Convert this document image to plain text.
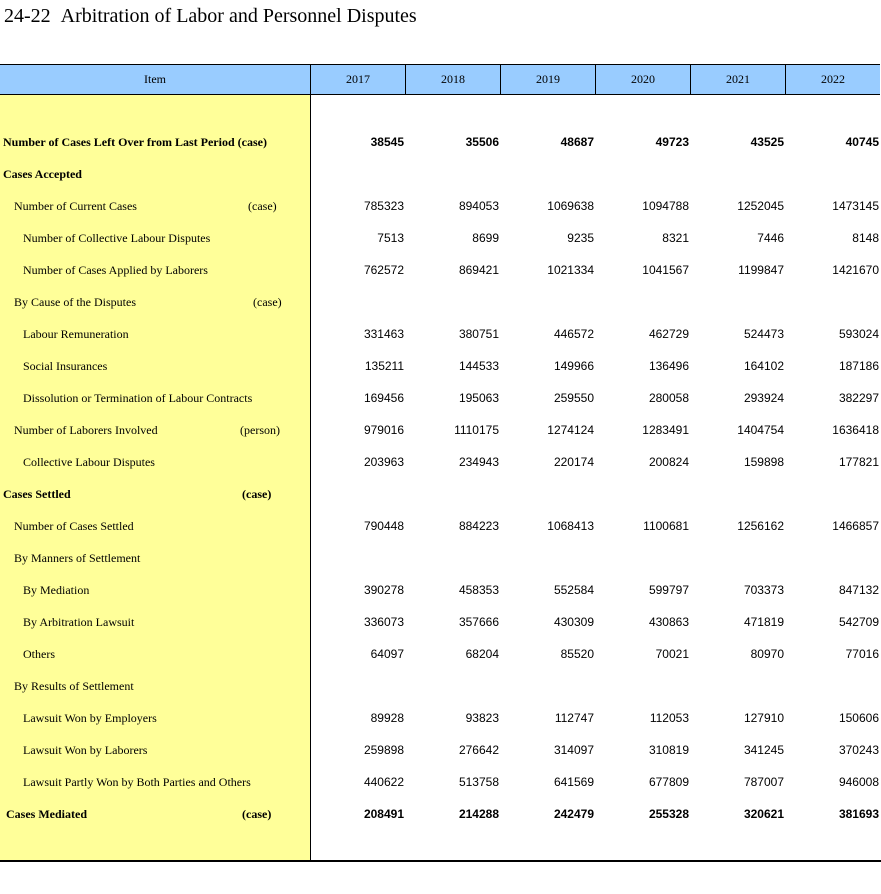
24-22 Arbitration of Labor and Personnel Disputes
Item	2017	2018	2019	2020	2021	2022
Number of Cases Left Over from Last Period (case)	38545	35506	48687	49723	43525	40745
Cases Accepted
Number of Current Cases	(case)	785323	894053	1069638	1094788	1252045	1473145
Number of Collective Labour Disputes	7513	8699	9235	8321	7446	8148
Number of Cases Applied by Laborers	762572	869421	1021334	1041567	1199847	1421670
By Cause of the Disputes	(case)
Labour Remuneration	331463	380751	446572	462729	524473	593024
Social Insurances	135211	144533	149966	136496	164102	187186
Dissolution or Termination of Labour Contracts	169456	195063	259550	280058	293924	382297
Number of Laborers Involved	(person)	979016	1110175	1274124	1283491	1404754	1636418
Collective Labour Disputes	203963	234943	220174	200824	159898	177821
Cases Settled	(case)
Number of Cases Settled	790448	884223	1068413	1100681	1256162	1466857
By Manners of Settlement
By Mediation	390278	458353	552584	599797	703373	847132
By Arbitration Lawsuit	336073	357666	430309	430863	471819	542709
Others	64097	68204	85520	70021	80970	77016
By Results of Settlement
Lawsuit Won by Employers	89928	93823	112747	112053	127910	150606
Lawsuit Won by Laborers	259898	276642	314097	310819	341245	370243
Lawsuit Partly Won by Both Parties and Others	440622	513758	641569	677809	787007	946008
Cases Mediated	(case)	208491	214288	242479	255328	320621	381693
